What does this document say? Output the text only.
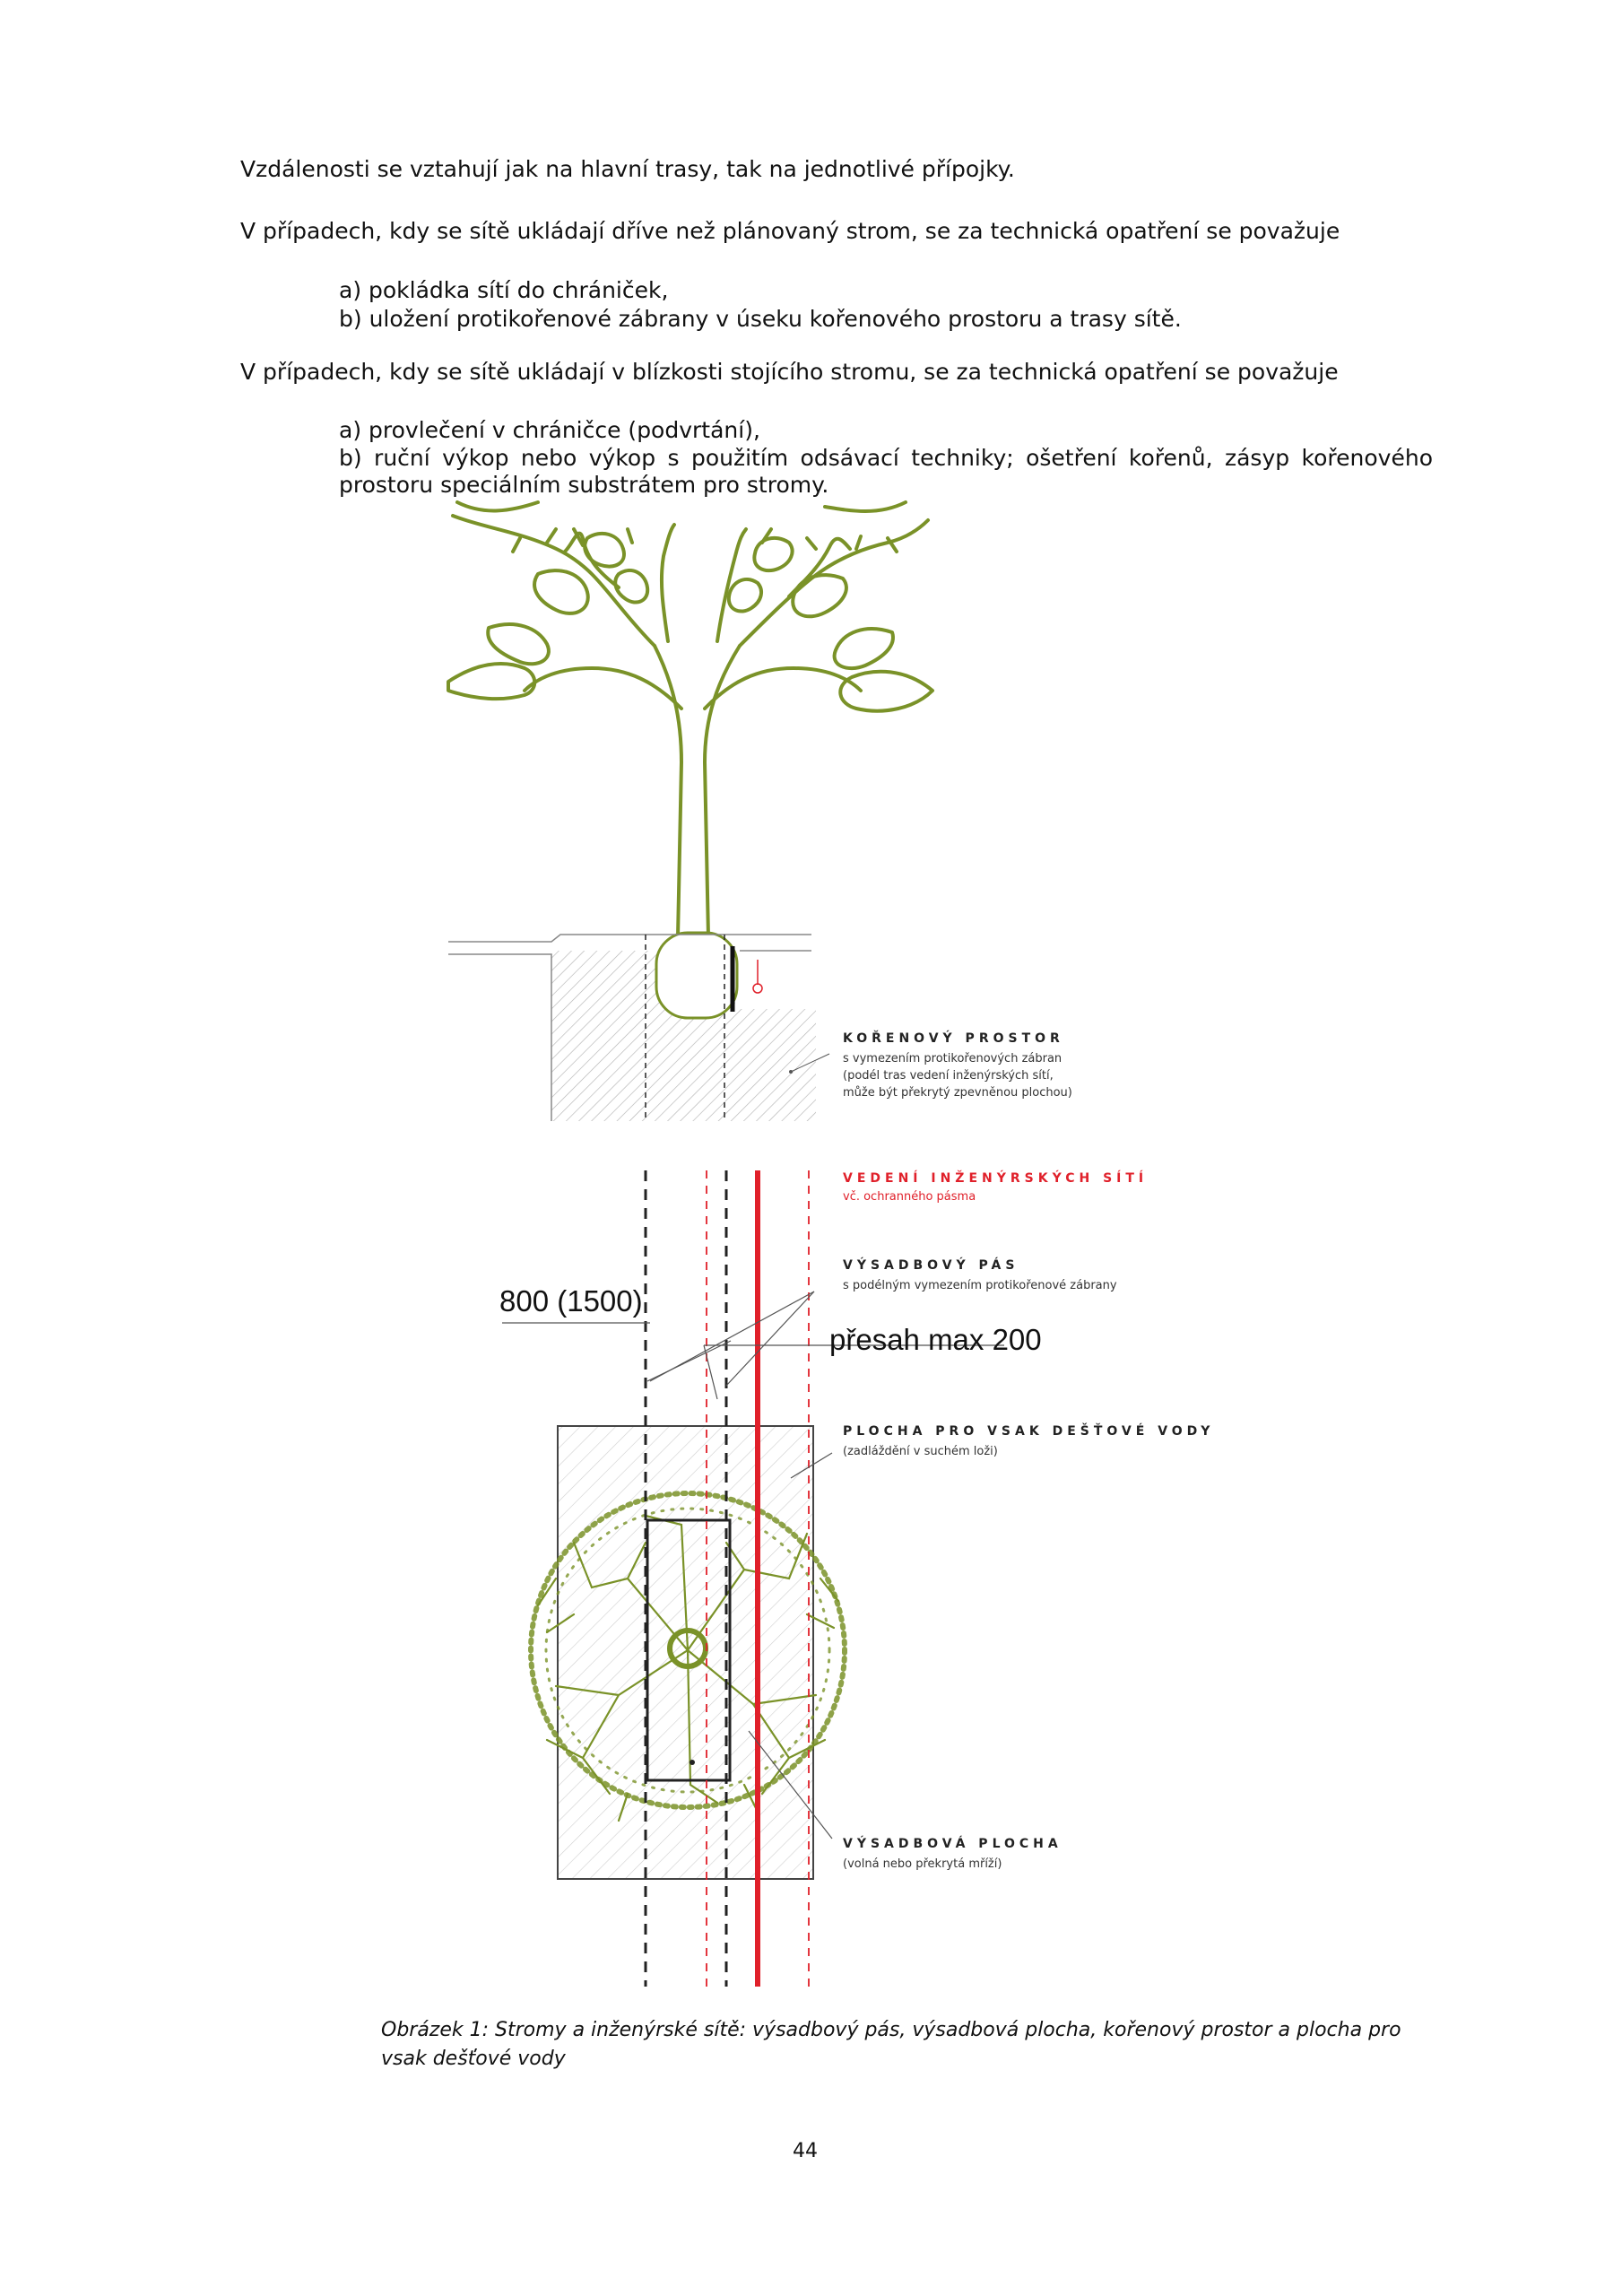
Vzdálenosti se vztahují jak na hlavní trasy, tak na jednotlivé přípojky.
V případech, kdy se sítě ukládají dříve než plánovaný strom, se za technická opatření se považuje
a) pokládka sítí do chrániček,
b) uložení protikořenové zábrany v úseku kořenového prostoru a trasy sítě.
V případech, kdy se sítě ukládají v blízkosti stojícího stromu, se za technická opatření se považuje
a) provlečení v chráničce (podvrtání),
b) ruční výkop nebo výkop s použitím odsávací techniky; ošetření kořenů, zásyp kořenového
prostoru speciálním substrátem pro stromy.
KOŘENOVÝ PROSTOR
s vymezením protikořenových zábran
(podél tras vedení inženýrských sítí,
může být překrytý zpevněnou plochou)
VEDENÍ INŽENÝRSKÝCH SÍTÍ
vč. ochranného pásma
VÝSADBOVÝ PÁS
s podélným vymezením protikořenové zábrany
800 (1500)
přesah max 200
PLOCHA PRO VSAK DEŠŤOVÉ VODY
(zadláždění v suchém loži)
VÝSADBOVÁ PLOCHA
(volná nebo překrytá mříží)
Obrázek 1: Stromy a inženýrské sítě: výsadbový pás, výsadbová plocha, kořenový prostor a plocha pro vsak dešťové vody
44
